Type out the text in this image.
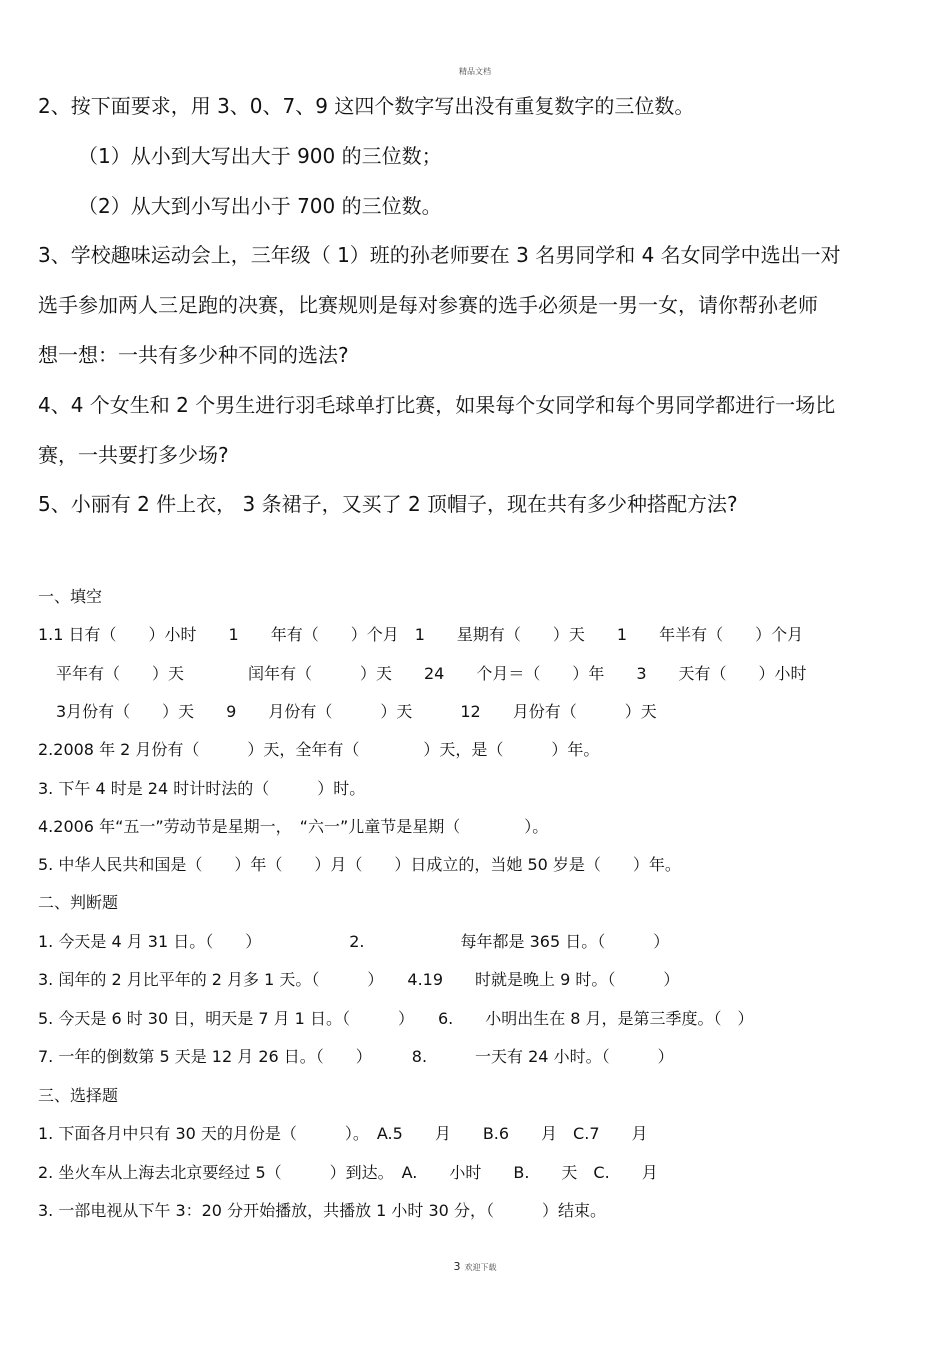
精品文档
2、按下面要求，用 3、0、7、9 这四个数字写出没有重复数字的三位数。
（1）从小到大写出大于 900 的三位数；
（2）从大到小写出小于 700 的三位数。
3、学校趣味运动会上，三年级（ 1）班的孙老师要在 3 名男同学和 4 名女同学中选出一对
选手参加两人三足跑的决赛，比赛规则是每对参赛的选手必须是一男一女，请你帮孙老师
想一想：一共有多少种不同的选法?
4、4 个女生和 2 个男生进行羽毛球单打比赛，如果每个女同学和每个男同学都进行一场比
赛，一共要打多少场?
5、小丽有 2 件上衣， 3 条裙子，又买了 2 顶帽子，现在共有多少种搭配方法?
一、填空
1.1 日有（　　）小时　　1　　年有（　　）个月　1　　星期有（　　）天　　1　　年半有（　　）个月
平年有（　　）天　　　　闰年有（　　　）天　　24　　个月＝（　　）年　　3　　天有（　　）小时
3月份有（　　）天　　9　　月份有（　　　）天　　　12　　月份有（　　　）天
2.2008 年 2 月份有（　　　）天，全年有（　　　　）天，是（　　　）年。
3. 下午 4 时是 24 时计时法的（　　　）时。
4.2006 年“五一”劳动节是星期一，　“六一”儿童节是星期（　　　　）。
5. 中华人民共和国是（　　）年（　　）月（　　）日成立的，当她 50 岁是（　　）年。
二、判断题
1. 今天是 4 月 31 日。（　　）　　　　　　2.　　　　　　每年都是 365 日。（　　　）
3. 闰年的 2 月比平年的 2 月多 1 天。（　　　）　　4.19　　时就是晚上 9 时。（　　　）
5. 今天是 6 时 30 日，明天是 7 月 1 日。（　　　）　　6.　　小明出生在 8 月，是第三季度。（　）
7. 一年的倒数第 5 天是 12 月 26 日。（　　）　　　8.　　　一天有 24 小时。（　　　）
三、选择题
1. 下面各月中只有 30 天的月份是（　　　）。　A.5　　月　　B.6　　月　C.7　　月
2. 坐火车从上海去北京要经过 5（　　　）到达。　A.　　小时　　B.　　天　C.　　月
3. 一部电视从下午 3：20 分开始播放，共播放 1 小时 30 分，（　　　）结束。
3 欢迎下载
